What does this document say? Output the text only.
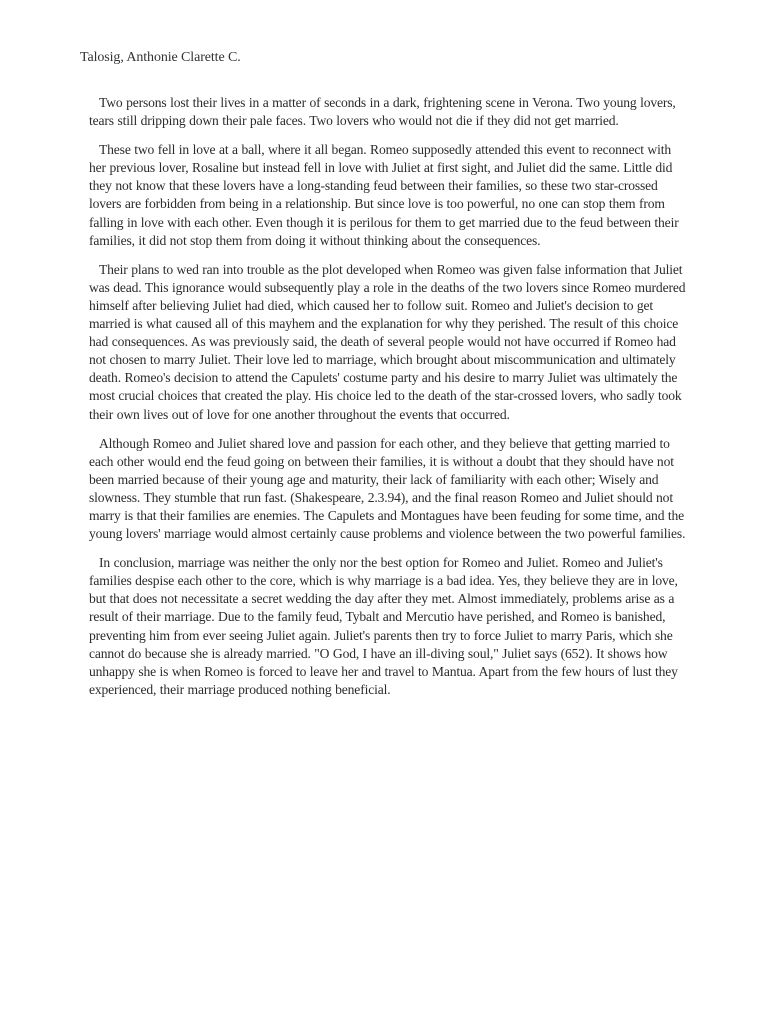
Talosig, Anthonie Clarette C.

Two persons lost their lives in a matter of seconds in a dark, frightening scene in Verona. Two young lovers, tears still dripping down their pale faces. Two lovers who would not die if they did not get married.

These two fell in love at a ball, where it all began. Romeo supposedly attended this event to reconnect with her previous lover, Rosaline but instead fell in love with Juliet at first sight, and Juliet did the same. Little did they not know that these lovers have a long-standing feud between their families, so these two star-crossed lovers are forbidden from being in a relationship. But since love is too powerful, no one can stop them from falling in love with each other. Even though it is perilous for them to get married due to the feud between their families, it did not stop them from doing it without thinking about the consequences.

Their plans to wed ran into trouble as the plot developed when Romeo was given false information that Juliet was dead. This ignorance would subsequently play a role in the deaths of the two lovers since Romeo murdered himself after believing Juliet had died, which caused her to follow suit. Romeo and Juliet's decision to get married is what caused all of this mayhem and the explanation for why they perished. The result of this choice had consequences. As was previously said, the death of several people would not have occurred if Romeo had not chosen to marry Juliet. Their love led to marriage, which brought about miscommunication and ultimately death. Romeo's decision to attend the Capulets' costume party and his desire to marry Juliet was ultimately the most crucial choices that created the play. His choice led to the death of the star-crossed lovers, who sadly took their own lives out of love for one another throughout the events that occurred.

Although Romeo and Juliet shared love and passion for each other, and they believe that getting married to each other would end the feud going on between their families, it is without a doubt that they should have not been married because of their young age and maturity, their lack of familiarity with each other; Wisely and slowness. They stumble that run fast. (Shakespeare, 2.3.94), and the final reason Romeo and Juliet should not marry is that their families are enemies. The Capulets and Montagues have been feuding for some time, and the young lovers' marriage would almost certainly cause problems and violence between the two powerful families.

In conclusion, marriage was neither the only nor the best option for Romeo and Juliet. Romeo and Juliet's families despise each other to the core, which is why marriage is a bad idea. Yes, they believe they are in love, but that does not necessitate a secret wedding the day after they met. Almost immediately, problems arise as a result of their marriage. Due to the family feud, Tybalt and Mercutio have perished, and Romeo is banished, preventing him from ever seeing Juliet again. Juliet's parents then try to force Juliet to marry Paris, which she cannot do because she is already married. "O God, I have an ill-diving soul," Juliet says (652). It shows how unhappy she is when Romeo is forced to leave her and travel to Mantua. Apart from the few hours of lust they experienced, their marriage produced nothing beneficial.
